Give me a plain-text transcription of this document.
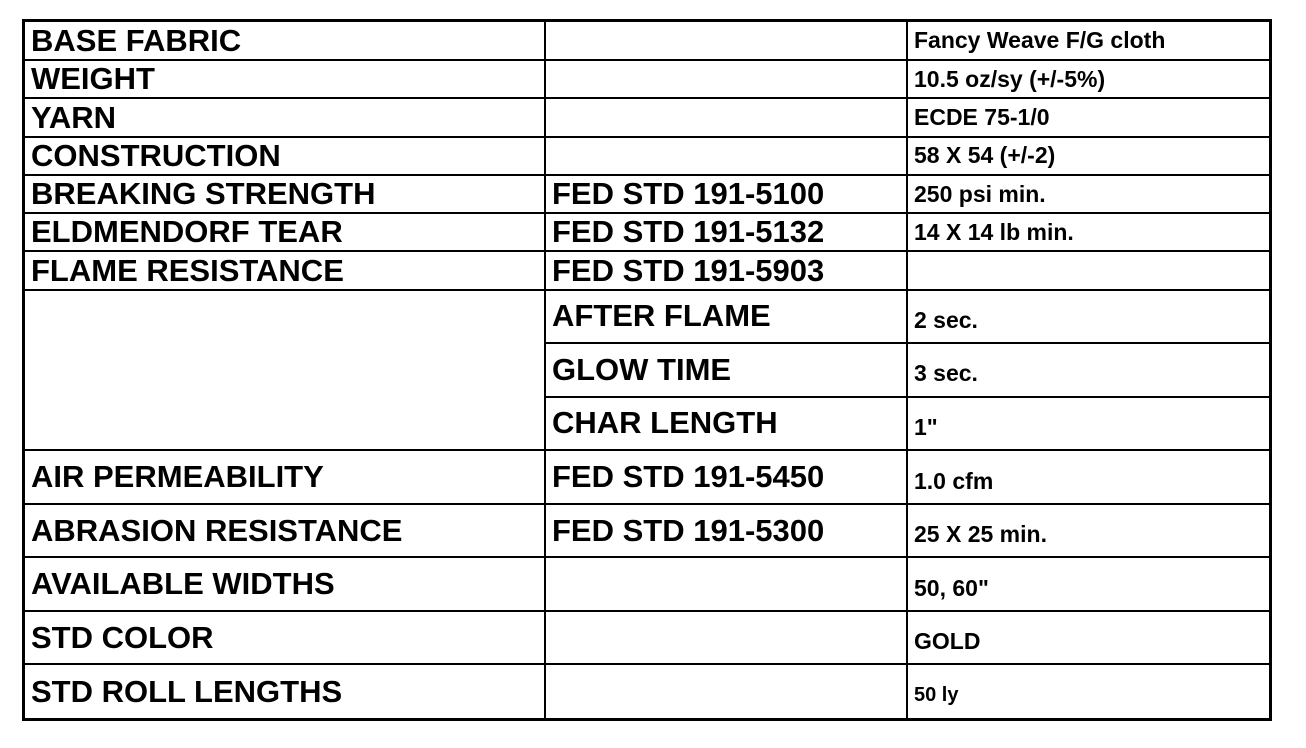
BASE FABRIC		Fancy Weave F/G cloth
WEIGHT		10.5 oz/sy (+/-5%)
YARN		ECDE 75-1/0
CONSTRUCTION		58 X 54 (+/-2)
BREAKING STRENGTH	FED STD 191-5100	250 psi min.
ELDMENDORF TEAR	FED STD 191-5132	14 X 14 lb min.
FLAME RESISTANCE	FED STD 191-5903	
	AFTER FLAME	2 sec.
	GLOW TIME	3 sec.
	CHAR LENGTH	1"
AIR PERMEABILITY	FED STD 191-5450	1.0 cfm
ABRASION RESISTANCE	FED STD 191-5300	25 X 25 min.
AVAILABLE WIDTHS		50, 60"
STD COLOR		GOLD
STD ROLL LENGTHS		50 ly
